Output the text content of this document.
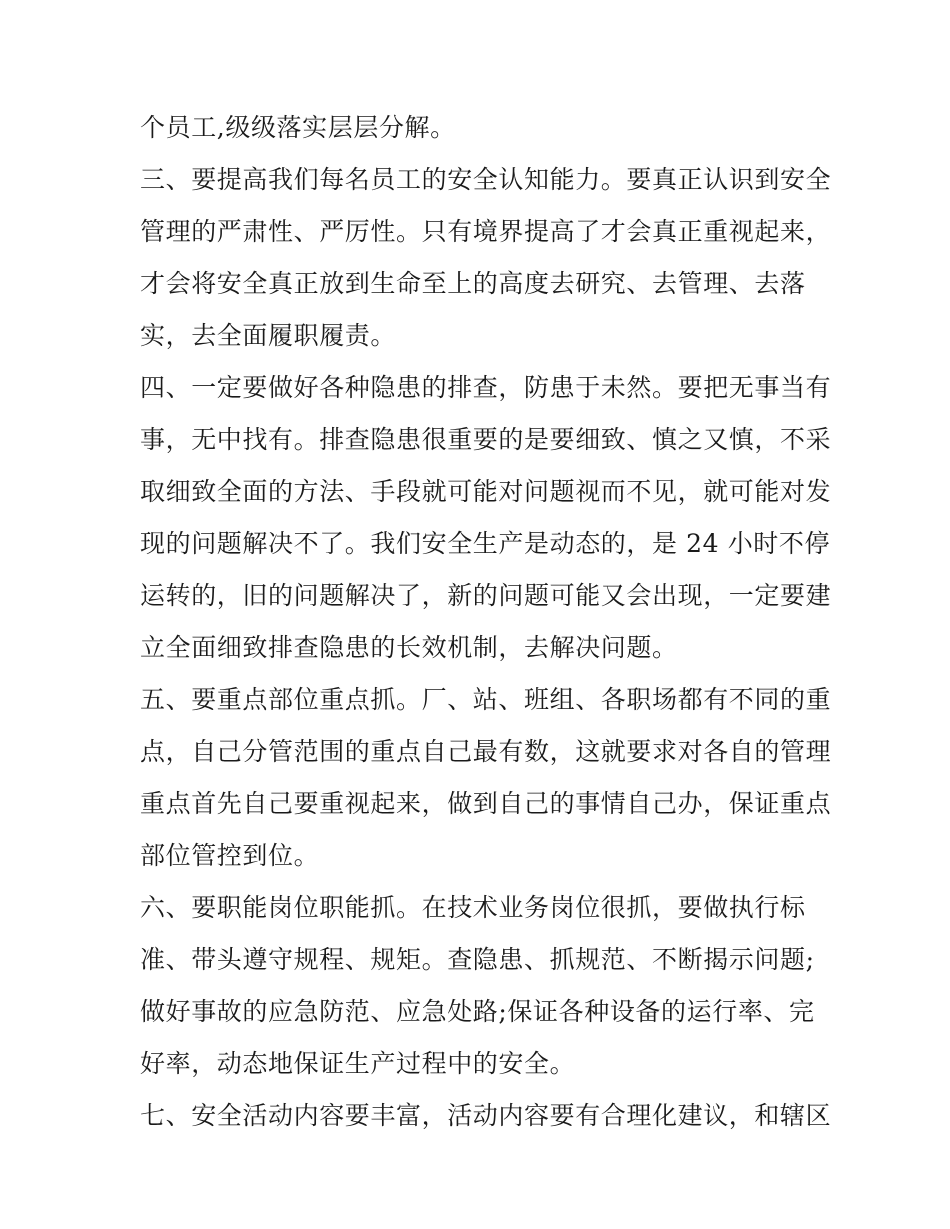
个员工,级级落实层层分解。
三、要提高我们每名员工的安全认知能力。要真正认识到安全
管理的严肃性、严厉性。只有境界提高了才会真正重视起来，
才会将安全真正放到生命至上的高度去研究、去管理、去落
实，去全面履职履责。
四、一定要做好各种隐患的排查，防患于未然。要把无事当有
事，无中找有。排查隐患很重要的是要细致、慎之又慎，不采
取细致全面的方法、手段就可能对问题视而不见，就可能对发
现的问题解决不了。我们安全生产是动态的，是 24 小时不停
运转的，旧的问题解决了，新的问题可能又会出现，一定要建
立全面细致排查隐患的长效机制，去解决问题。
五、要重点部位重点抓。厂、站、班组、各职场都有不同的重
点，自己分管范围的重点自己最有数，这就要求对各自的管理
重点首先自己要重视起来，做到自己的事情自己办，保证重点
部位管控到位。
六、要职能岗位职能抓。在技术业务岗位很抓，要做执行标
准、带头遵守规程、规矩。查隐患、抓规范、不断揭示问题;
做好事故的应急防范、应急处路;保证各种设备的运行率、完
好率，动态地保证生产过程中的安全。
七、安全活动内容要丰富，活动内容要有合理化建议，和辖区
